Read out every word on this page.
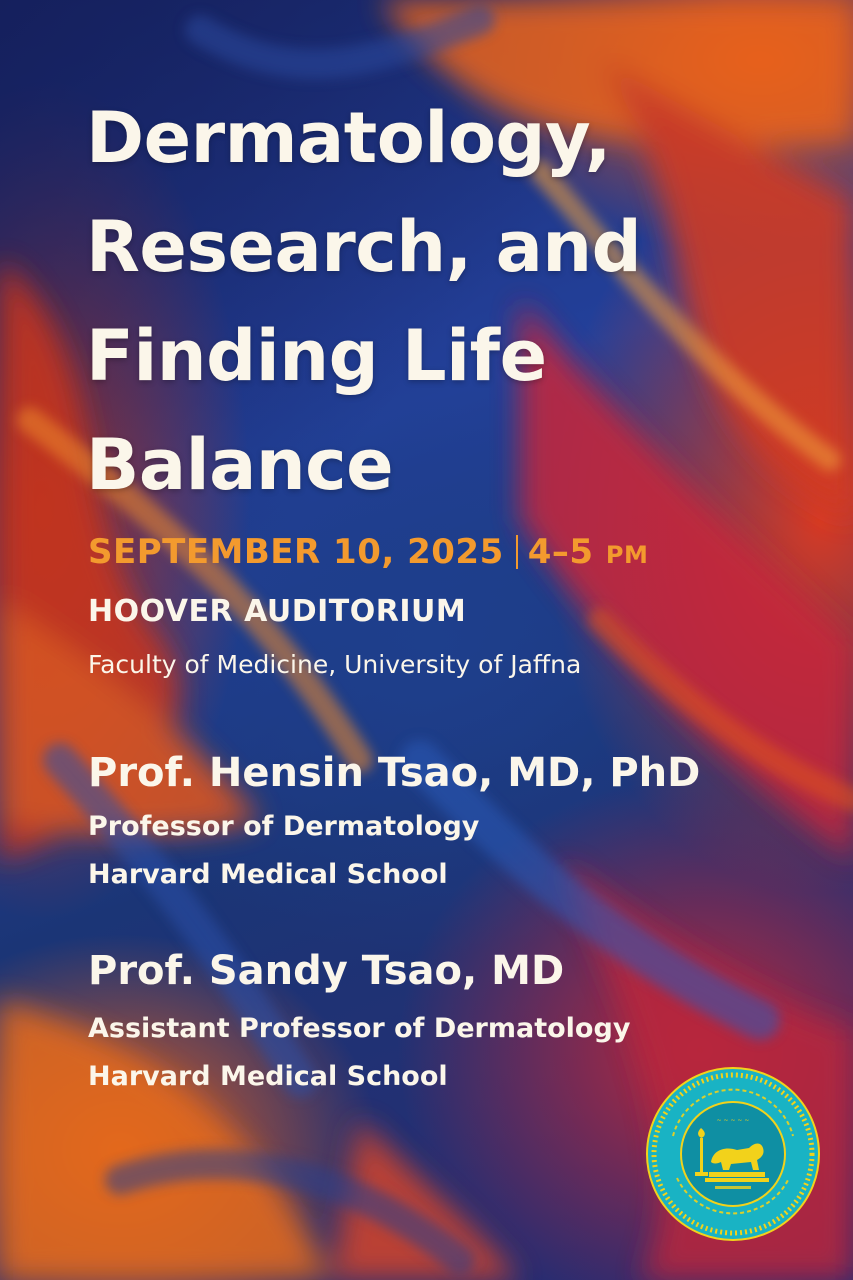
Dermatology,
Research, and
Finding Life
Balance
SEPTEMBER 10, 2025 4–5 PM
HOOVER AUDITORIUM
Faculty of Medicine, University of Jaffna
Prof. Hensin Tsao, MD, PhD
Professor of Dermatology
Harvard Medical School
Prof. Sandy Tsao, MD
Assistant Professor of Dermatology
Harvard Medical School
~ ~ ~ ~ ~
